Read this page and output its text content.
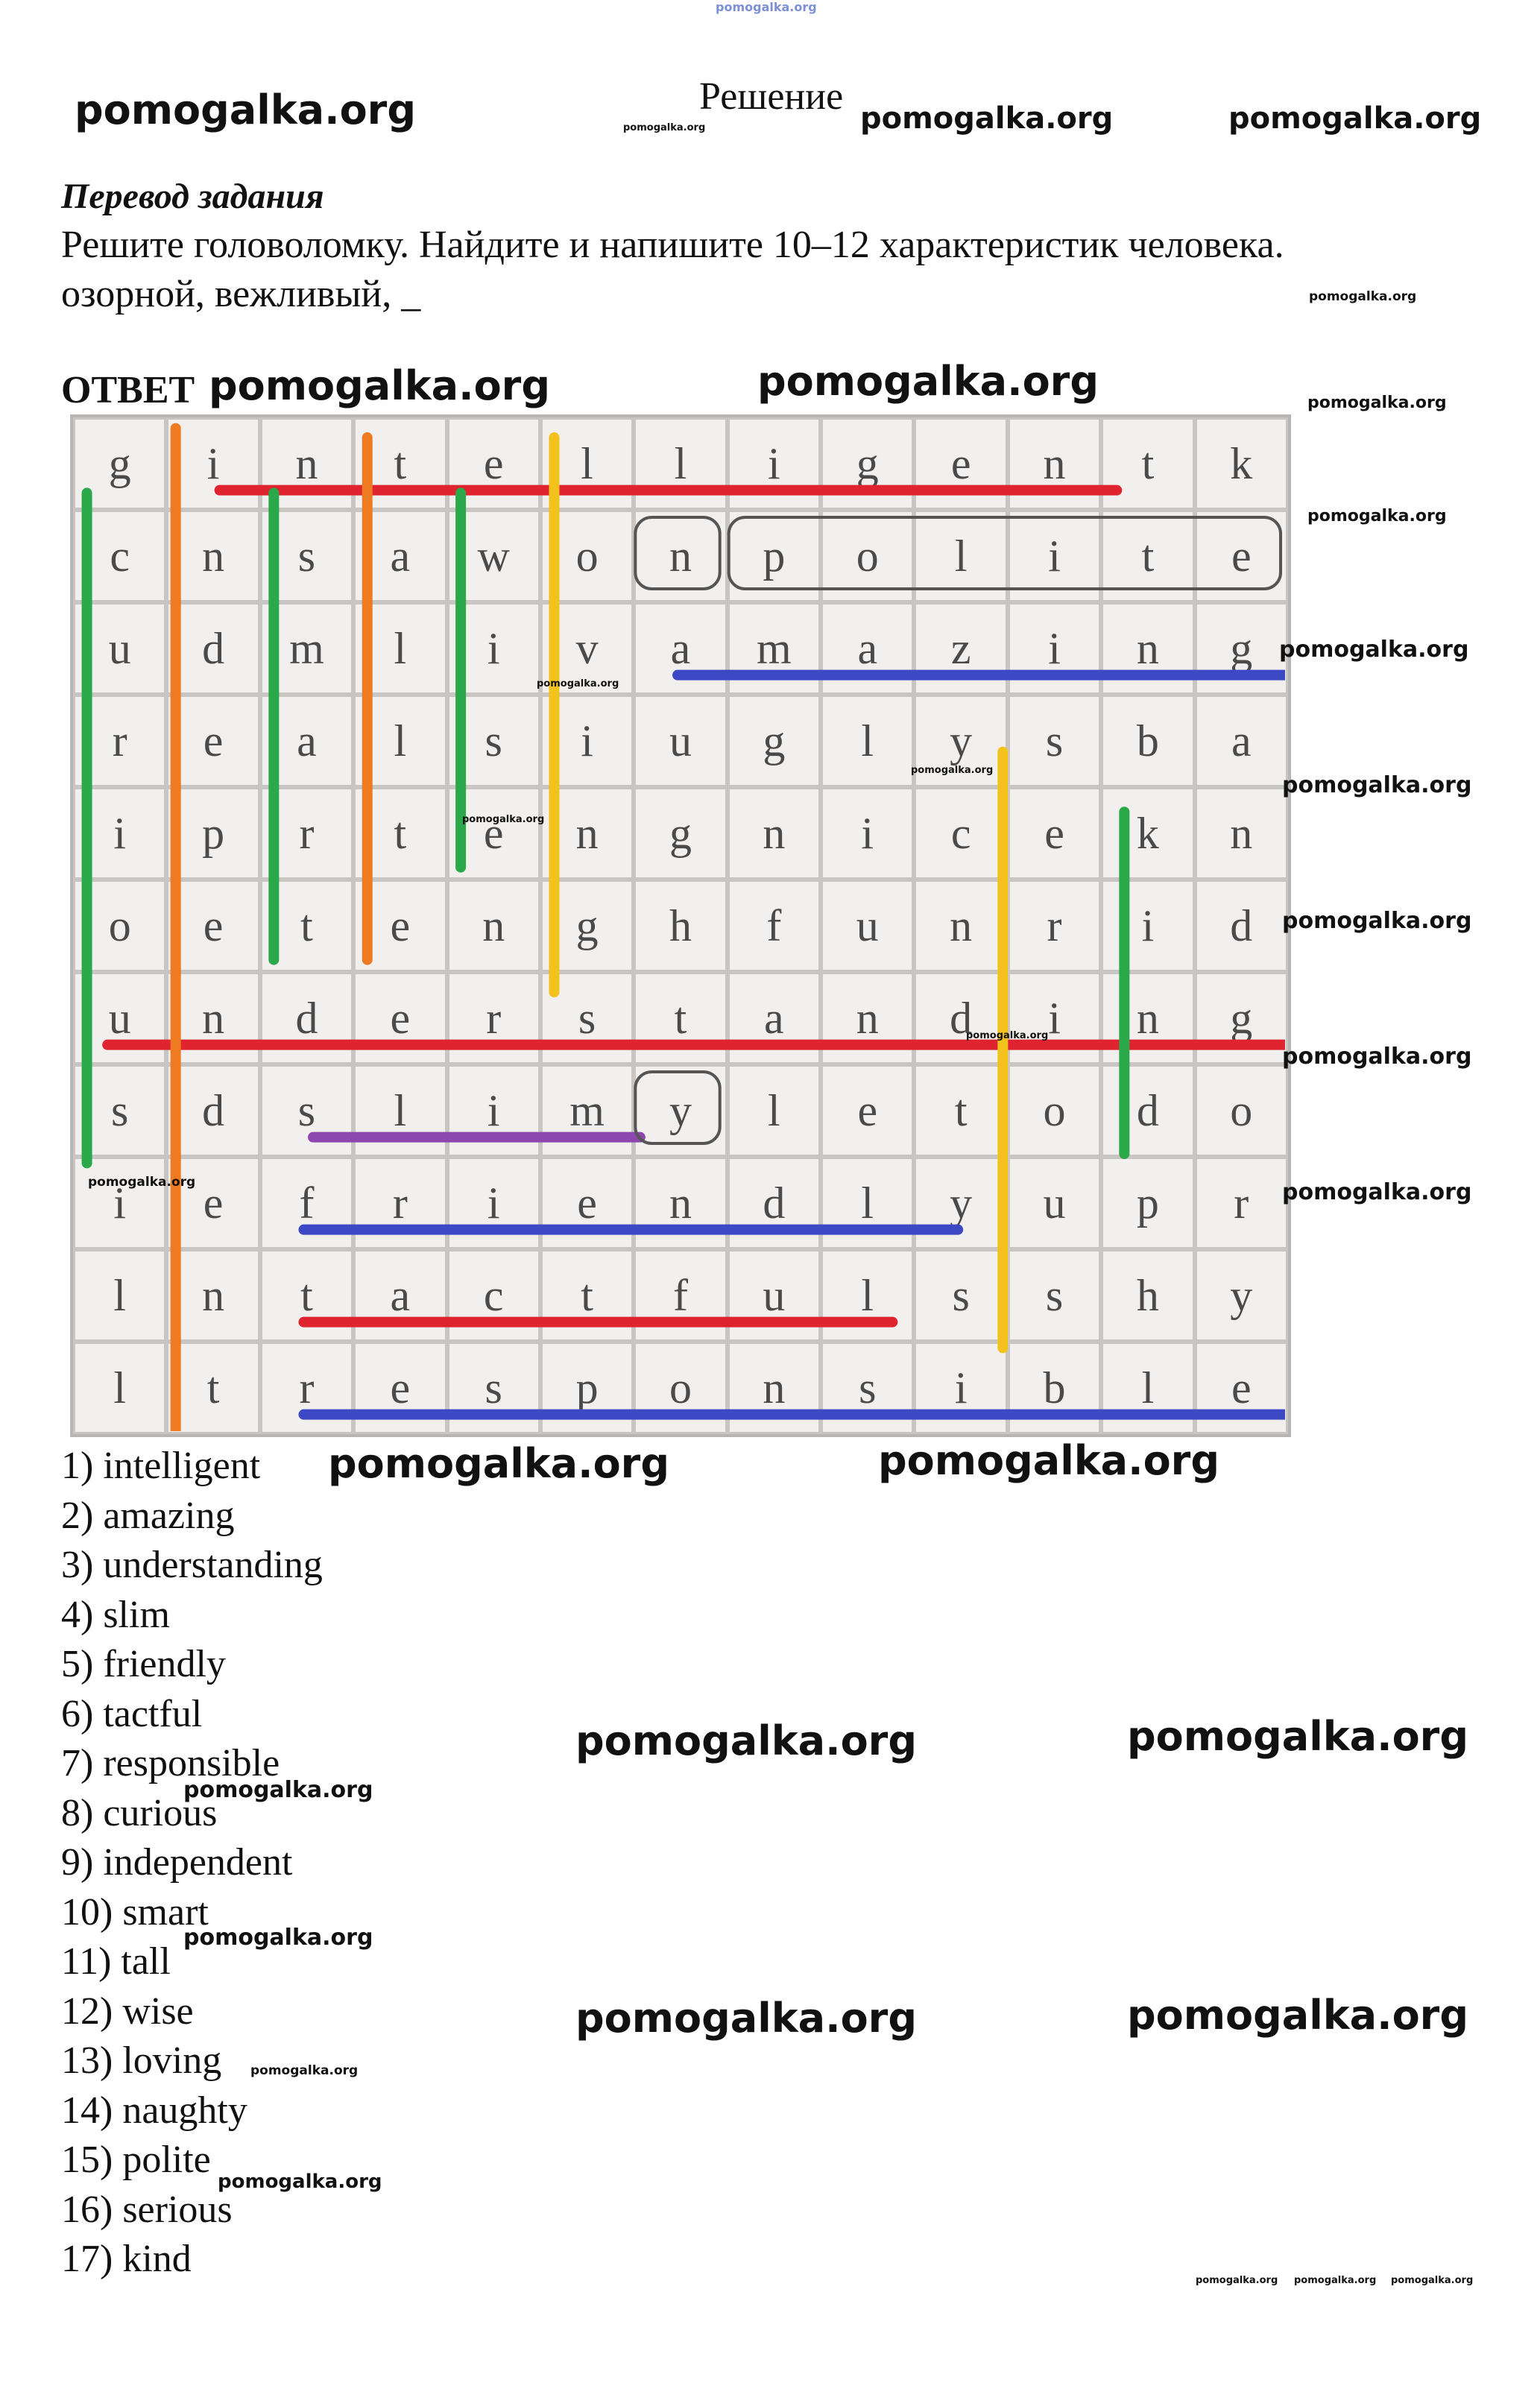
pomogalka.org
pomogalka.org	pomogalka.org
Решение
pomogalka.org	pomogalka.org
Перевод задания
Решите головоломку. Найдите и напишите 10–12 характеристик человека.
озорной, вежливый, _	pomogalka.org
ОТВЕТ pomogalka.org	pomogalka.org
g	i	n	t	e	l	l	i	g	e	n	t	k
c	n	s	a	w	o	n	p	o	l	i	t	e
u	d	m	l	i	v	a	m	a	z	i	n	g
r	e	a	l	s	i	u	g	l	y	s	b	a
i	p	r	t	e	n	g	n	i	c	e	k	n
o	e	t	e	n	g	h	f	u	n	r	i	d
u	n	d	e	r	s	t	a	n	d	i	n	g
s	d	s	l	i	m	y	l	e	t	o	d	o
i	e	f	r	i	e	n	d	l	y	u	p	r
l	n	t	a	c	t	f	u	l	s	s	h	y
l	t	r	e	s	p	o	n	s	i	b	l	e
pomogalka.org
pomogalka.org
pomogalka.org
pomogalka.org
pomogalka.org
pomogalka.org
pomogalka.org
pomogalka.org
pomogalka.org
pomogalka.org
pomogalka.org
pomogalka.org
1) intelligent
2) amazing
3) understanding
4) slim
5) friendly
6) tactful
7) responsible
8) curious
9) independent
10) smart
11) tall
12) wise
13) loving
14) naughty
15) polite
16) serious
17) kind
pomogalka.org	pomogalka.org
pomogalka.org	pomogalka.org
pomogalka.org
pomogalka.org
pomogalka.org	pomogalka.org
pomogalka.org
pomogalka.org
pomogalka.org pomogalka.org pomogalka.org
